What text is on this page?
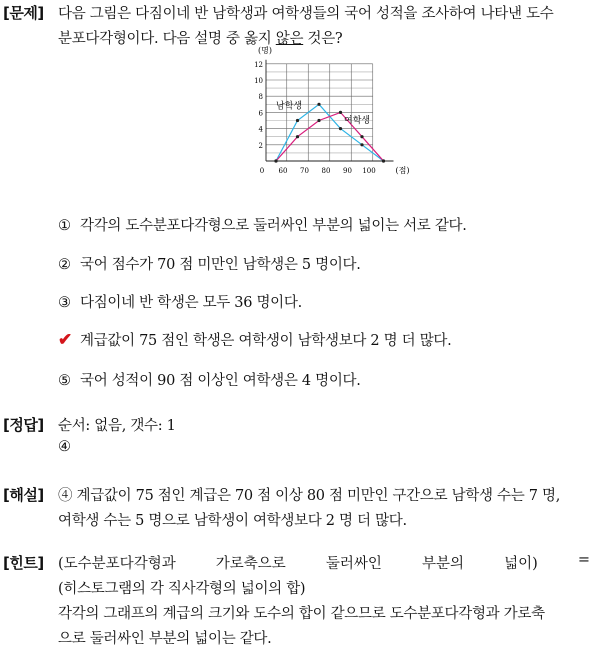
[문제] 다음 그림은 다짐이네 반 남학생과 여학생들의 국어 성적을 조사하여 나타낸 도수
분포다각형이다. 다음 설명 중 옳지 않은 것은?
2
4
6
8
10
12
0 60 70 80 90 100
(명)
(점)
남학생
여학생
① 각각의 도수분포다각형으로 둘러싸인 부분의 넓이는 서로 같다.
② 국어 점수가 70 점 미만인 남학생은 5 명이다.
③ 다짐이네 반 학생은 모두 36 명이다.
✔ 계급값이 75 점인 학생은 여학생이 남학생보다 2 명 더 많다.
⑤ 국어 성적이 90 점 이상인 여학생은 4 명이다.
[정답] 순서: 없음, 갯수: 1
④
[해설] ④ 계급값이 75 점인 계급은 70 점 이상 80 점 미만인 구간으로 남학생 수는 7 명,
여학생 수는 5 명으로 남학생이 여학생보다 2 명 더 많다.
[힌트] (도수분포다각형과	가로축으로	둘러싸인	부분의	넓이)	=
(히스토그램의 각 직사각형의 넓이의 합)
각각의 그래프의 계급의 크기와 도수의 합이 같으므로 도수분포다각형과 가로축
으로 둘러싸인 부분의 넓이는 같다.
